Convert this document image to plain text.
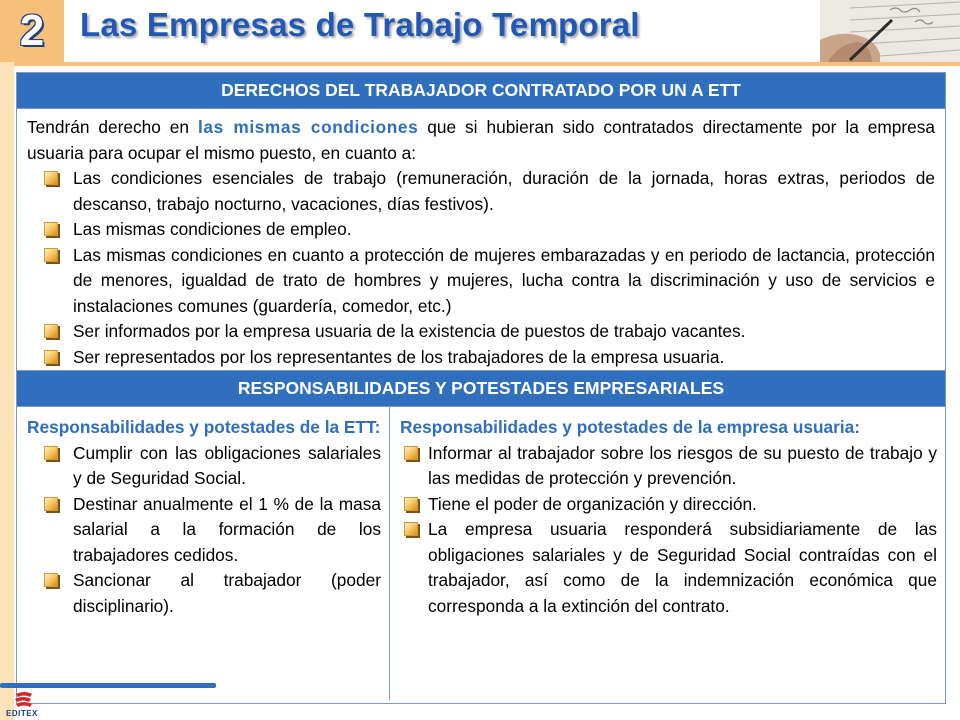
2 Las Empresas de Trabajo Temporal
DERECHOS DEL TRABAJADOR CONTRATADO POR UN A ETT
Tendrán derecho en las mismas condiciones que si hubieran sido contratados directamente por la empresa usuaria para ocupar el mismo puesto, en cuanto a:
Las condiciones esenciales de trabajo (remuneración, duración de la jornada, horas extras, periodos de descanso, trabajo nocturno, vacaciones, días festivos).
Las mismas condiciones de empleo.
Las mismas condiciones en cuanto a protección de mujeres embarazadas y en periodo de lactancia, protección de menores, igualdad de trato de hombres y mujeres, lucha contra la discriminación y uso de servicios e instalaciones comunes (guardería, comedor, etc.)
Ser informados por la empresa usuaria de la existencia de puestos de trabajo vacantes.
Ser representados por los representantes de los trabajadores de la empresa usuaria.
RESPONSABILIDADES Y POTESTADES EMPRESARIALES
Responsabilidades y potestades de la ETT:
Cumplir con las obligaciones salariales y de Seguridad Social.
Destinar anualmente el 1 % de la masa salarial a la formación de los trabajadores cedidos.
Sancionar al trabajador (poder disciplinario).
Responsabilidades y potestades de la empresa usuaria:
Informar al trabajador sobre los riesgos de su puesto de trabajo y las medidas de protección y prevención.
Tiene el poder de organización y dirección.
La empresa usuaria responderá subsidiariamente de las obligaciones salariales y de Seguridad Social contraídas con el trabajador, así como de la indemnización económica que corresponda a la extinción del contrato.
EDITEX
